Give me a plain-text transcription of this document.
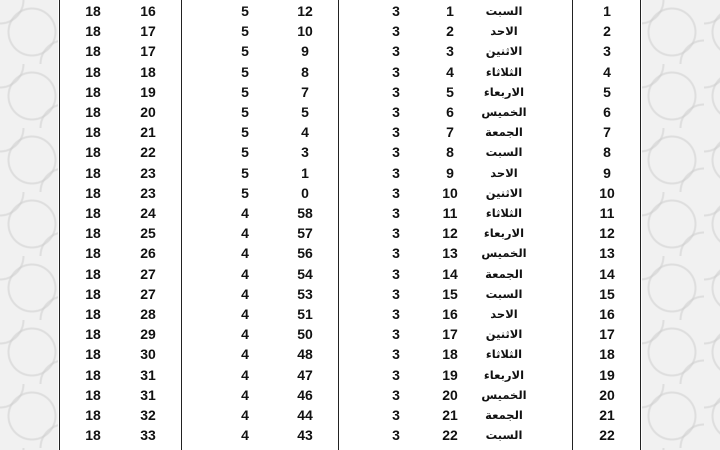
18	16	5	12	3	1	السبت	1
18	17	5	10	3	2	الاحد	2
18	17	5	9	3	3	الاثنين	3
18	18	5	8	3	4	الثلاثاء	4
18	19	5	7	3	5	الاربعاء	5
18	20	5	5	3	6	الخميس	6
18	21	5	4	3	7	الجمعة	7
18	22	5	3	3	8	السبت	8
18	23	5	1	3	9	الاحد	9
18	23	5	0	3	10	الاثنين	10
18	24	4	58	3	11	الثلاثاء	11
18	25	4	57	3	12	الاربعاء	12
18	26	4	56	3	13	الخميس	13
18	27	4	54	3	14	الجمعة	14
18	27	4	53	3	15	السبت	15
18	28	4	51	3	16	الاحد	16
18	29	4	50	3	17	الاثنين	17
18	30	4	48	3	18	الثلاثاء	18
18	31	4	47	3	19	الاربعاء	19
18	31	4	46	3	20	الخميس	20
18	32	4	44	3	21	الجمعة	21
18	33	4	43	3	22	السبت	22
